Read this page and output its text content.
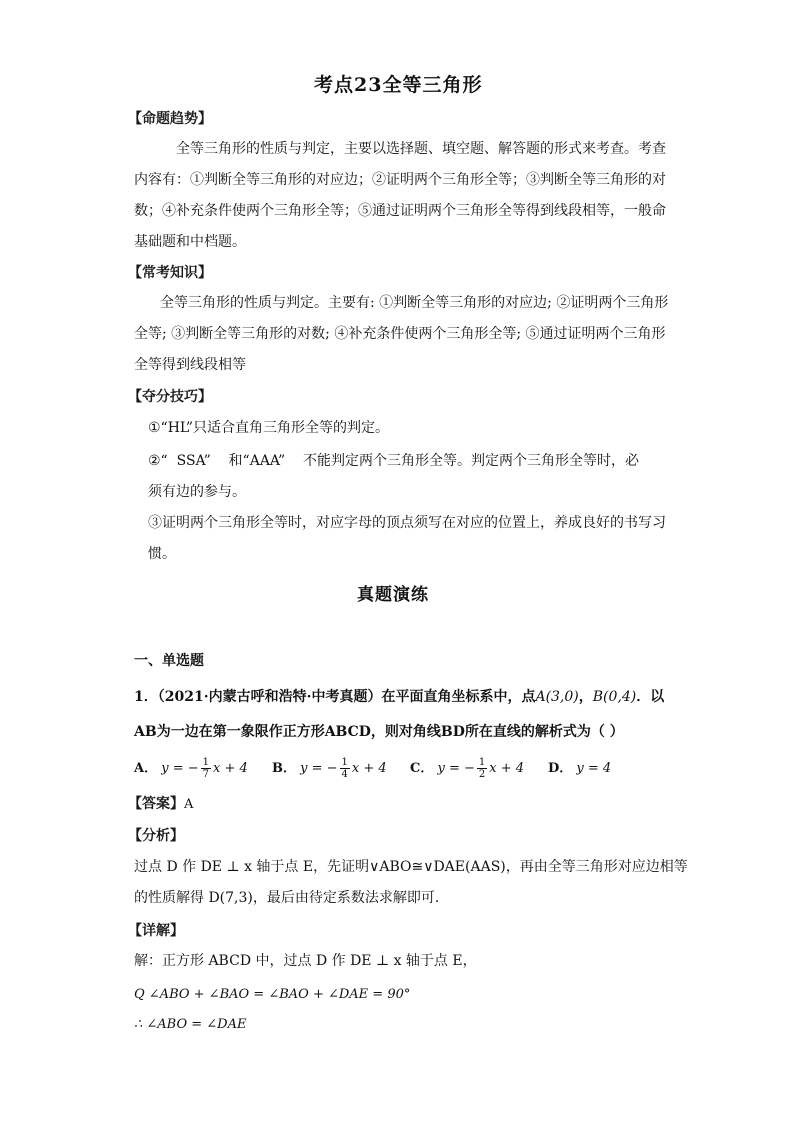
考点23全等三角形
【命题趋势】
全等三角形的性质与判定，主要以选择题、填空题、解答题的形式来考查。考查
内容有：①判断全等三角形的对应边；②证明两个三角形全等；③判断全等三角形的对
数；④补充条件使两个三角形全等；⑤通过证明两个三角形全等得到线段相等，一般命
基础题和中档题。
【常考知识】
全等三角形的性质与判定。主要有: ①判断全等三角形的对应边; ②证明两个三角形
全等; ③判断全等三角形的对数; ④补充条件使两个三角形全等; ⑤通过证明两个三角形
全等得到线段相等
【夺分技巧】
①“HL”只适合直角三角形全等的判定。
②“  SSA”    和“AAA”    不能判定两个三角形全等。判定两个三角形全等时，必
须有边的参与。
③证明两个三角形全等时，对应字母的顶点须写在对应的位置上，养成良好的书写习
惯。
真题演练
一、单选题
1．（2021·内蒙古呼和浩特·中考真题）在平面直角坐标系中，点A(3,0)，B(0,4)．以
AB为一边在第一象限作正方形ABCD，则对角线BD所在直线的解析式为（ ）
A． y = − $\frac{1}{7}$ x + 4 B． y = − $\frac{1}{4}$ x + 4 C． y = − $\frac{1}{2}$ x + 4 D． y = 4
【答案】A
【分析】
过点 D 作 DE ⊥ x 轴于点 E，先证明∨ABO≅∨DAE(AAS)，再由全等三角形对应边相等
的性质解得 D(7,3)，最后由待定系数法求解即可．
【详解】
解：正方形 ABCD 中，过点 D 作 DE ⊥ x 轴于点 E，
Q ∠ABO + ∠BAO = ∠BAO + ∠DAE = 90°
∴ ∠ABO = ∠DAE
